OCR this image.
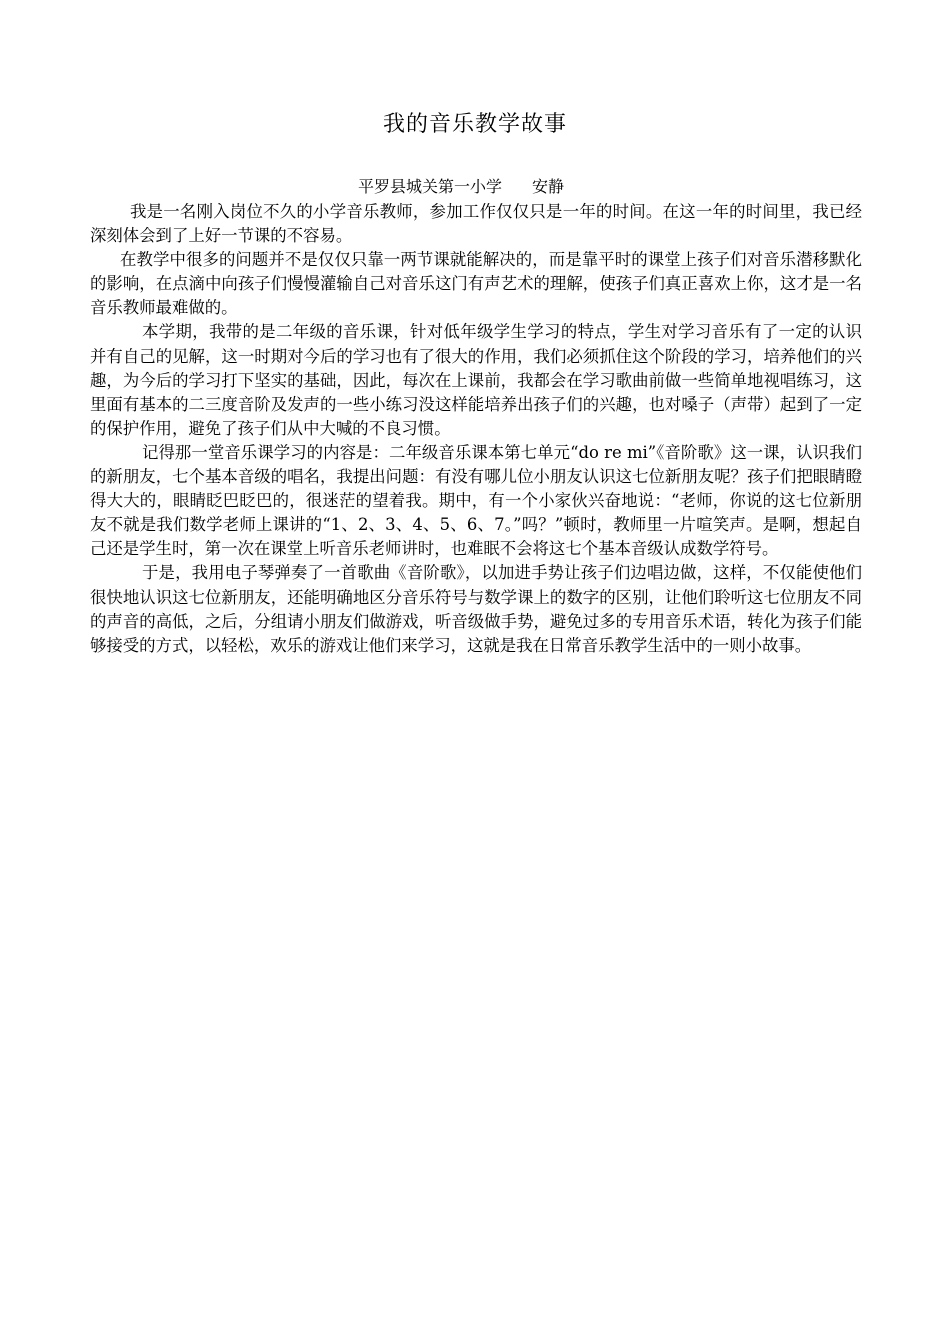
我的音乐教学故事
平罗县城关第一小学 安静

我是一名刚入岗位不久的小学音乐教师，参加工作仅仅只是一年的时间。在这一年的时间里，我已经深刻体会到了上好一节课的不容易。

在教学中很多的问题并不是仅仅只靠一两节课就能解决的，而是靠平时的课堂上孩子们对音乐潜移默化的影响，在点滴中向孩子们慢慢灌输自己对音乐这门有声艺术的理解，使孩子们真正喜欢上你，这才是一名音乐教师最难做的。

本学期，我带的是二年级的音乐课，针对低年级学生学习的特点，学生对学习音乐有了一定的认识并有自己的见解，这一时期对今后的学习也有了很大的作用，我们必须抓住这个阶段的学习，培养他们的兴趣，为今后的学习打下坚实的基础，因此，每次在上课前，我都会在学习歌曲前做一些简单地视唱练习，这里面有基本的二三度音阶及发声的一些小练习没这样能培养出孩子们的兴趣，也对嗓子（声带）起到了一定的保护作用，避免了孩子们从中大喊的不良习惯。

记得那一堂音乐课学习的内容是：二年级音乐课本第七单元“do re mi”《音阶歌》这一课，认识我们的新朋友，七个基本音级的唱名，我提出问题：有没有哪儿位小朋友认识这七位新朋友呢？孩子们把眼睛瞪得大大的，眼睛眨巴眨巴的，很迷茫的望着我。期中，有一个小家伙兴奋地说：“老师，你说的这七位新朋友不就是我们数学老师上课讲的“1、2、3、4、5、6、7。”吗？”顿时，教师里一片喧笑声。是啊，想起自己还是学生时，第一次在课堂上听音乐老师讲时，也难眠不会将这七个基本音级认成数学符号。

于是，我用电子琴弹奏了一首歌曲《音阶歌》，以加进手势让孩子们边唱边做，这样，不仅能使他们很快地认识这七位新朋友，还能明确地区分音乐符号与数学课上的数字的区别，让他们聆听这七位朋友不同的声音的高低，之后，分组请小朋友们做游戏，听音级做手势，避免过多的专用音乐术语，转化为孩子们能够接受的方式，以轻松，欢乐的游戏让他们来学习，这就是我在日常音乐教学生活中的一则小故事。
